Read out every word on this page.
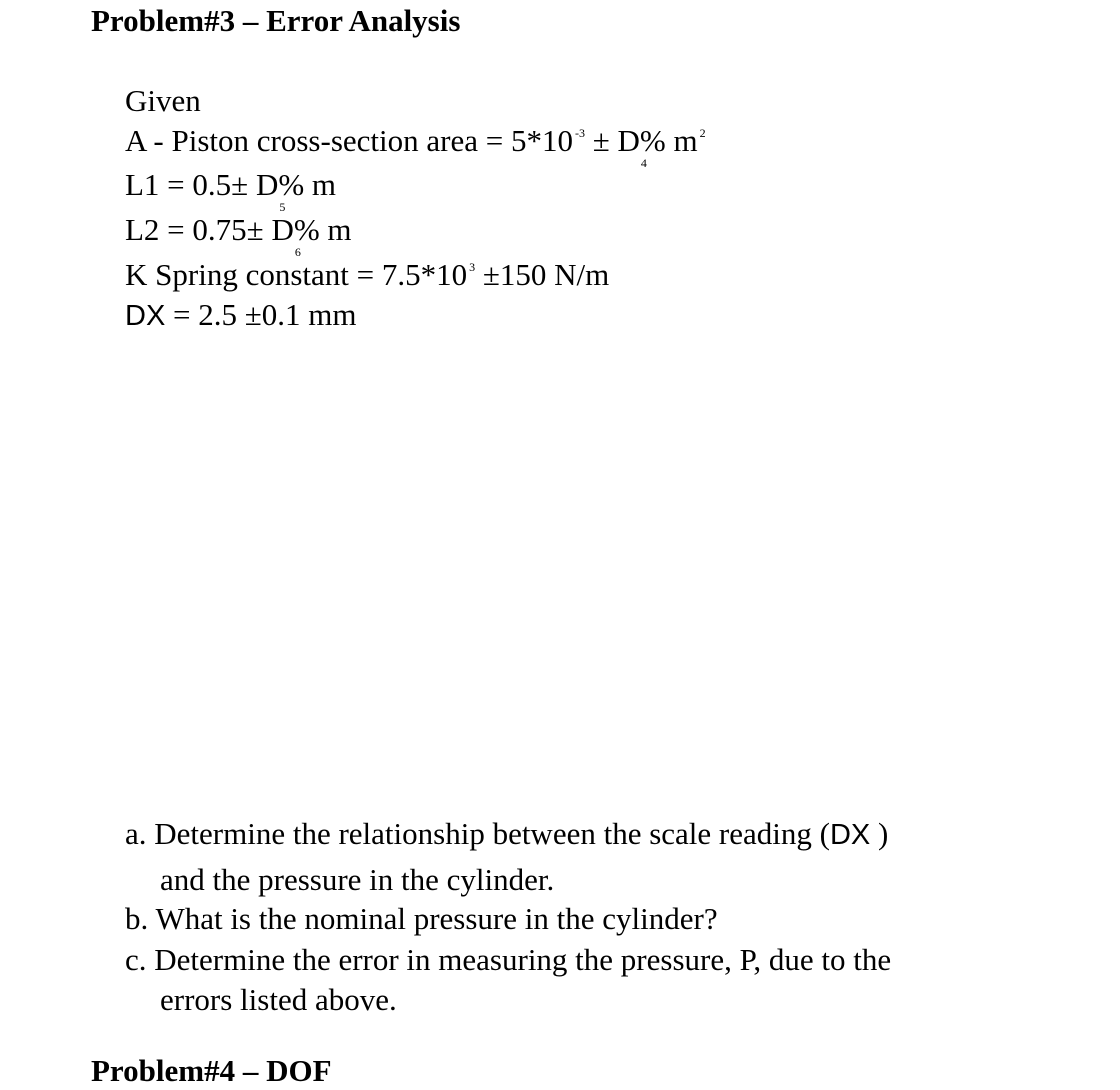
Problem#3 – Error Analysis
Given
A - Piston cross-section area = 5*10 $^{-3}$ ± D
4
% m $^2$
L1 = 0.5± D
5
% m
L2 = 0.75± D
6
% m
K Spring constant = 7.5*10 $^3$ ±150 N/m
DX = 2.5 ±0.1 mm
a. Determine the relationship between the scale reading (DX )
and the pressure in the cylinder.
b. What is the nominal pressure in the cylinder?
c. Determine the error in measuring the pressure, P, due to the
errors listed above.
Problem#4 – DOF
